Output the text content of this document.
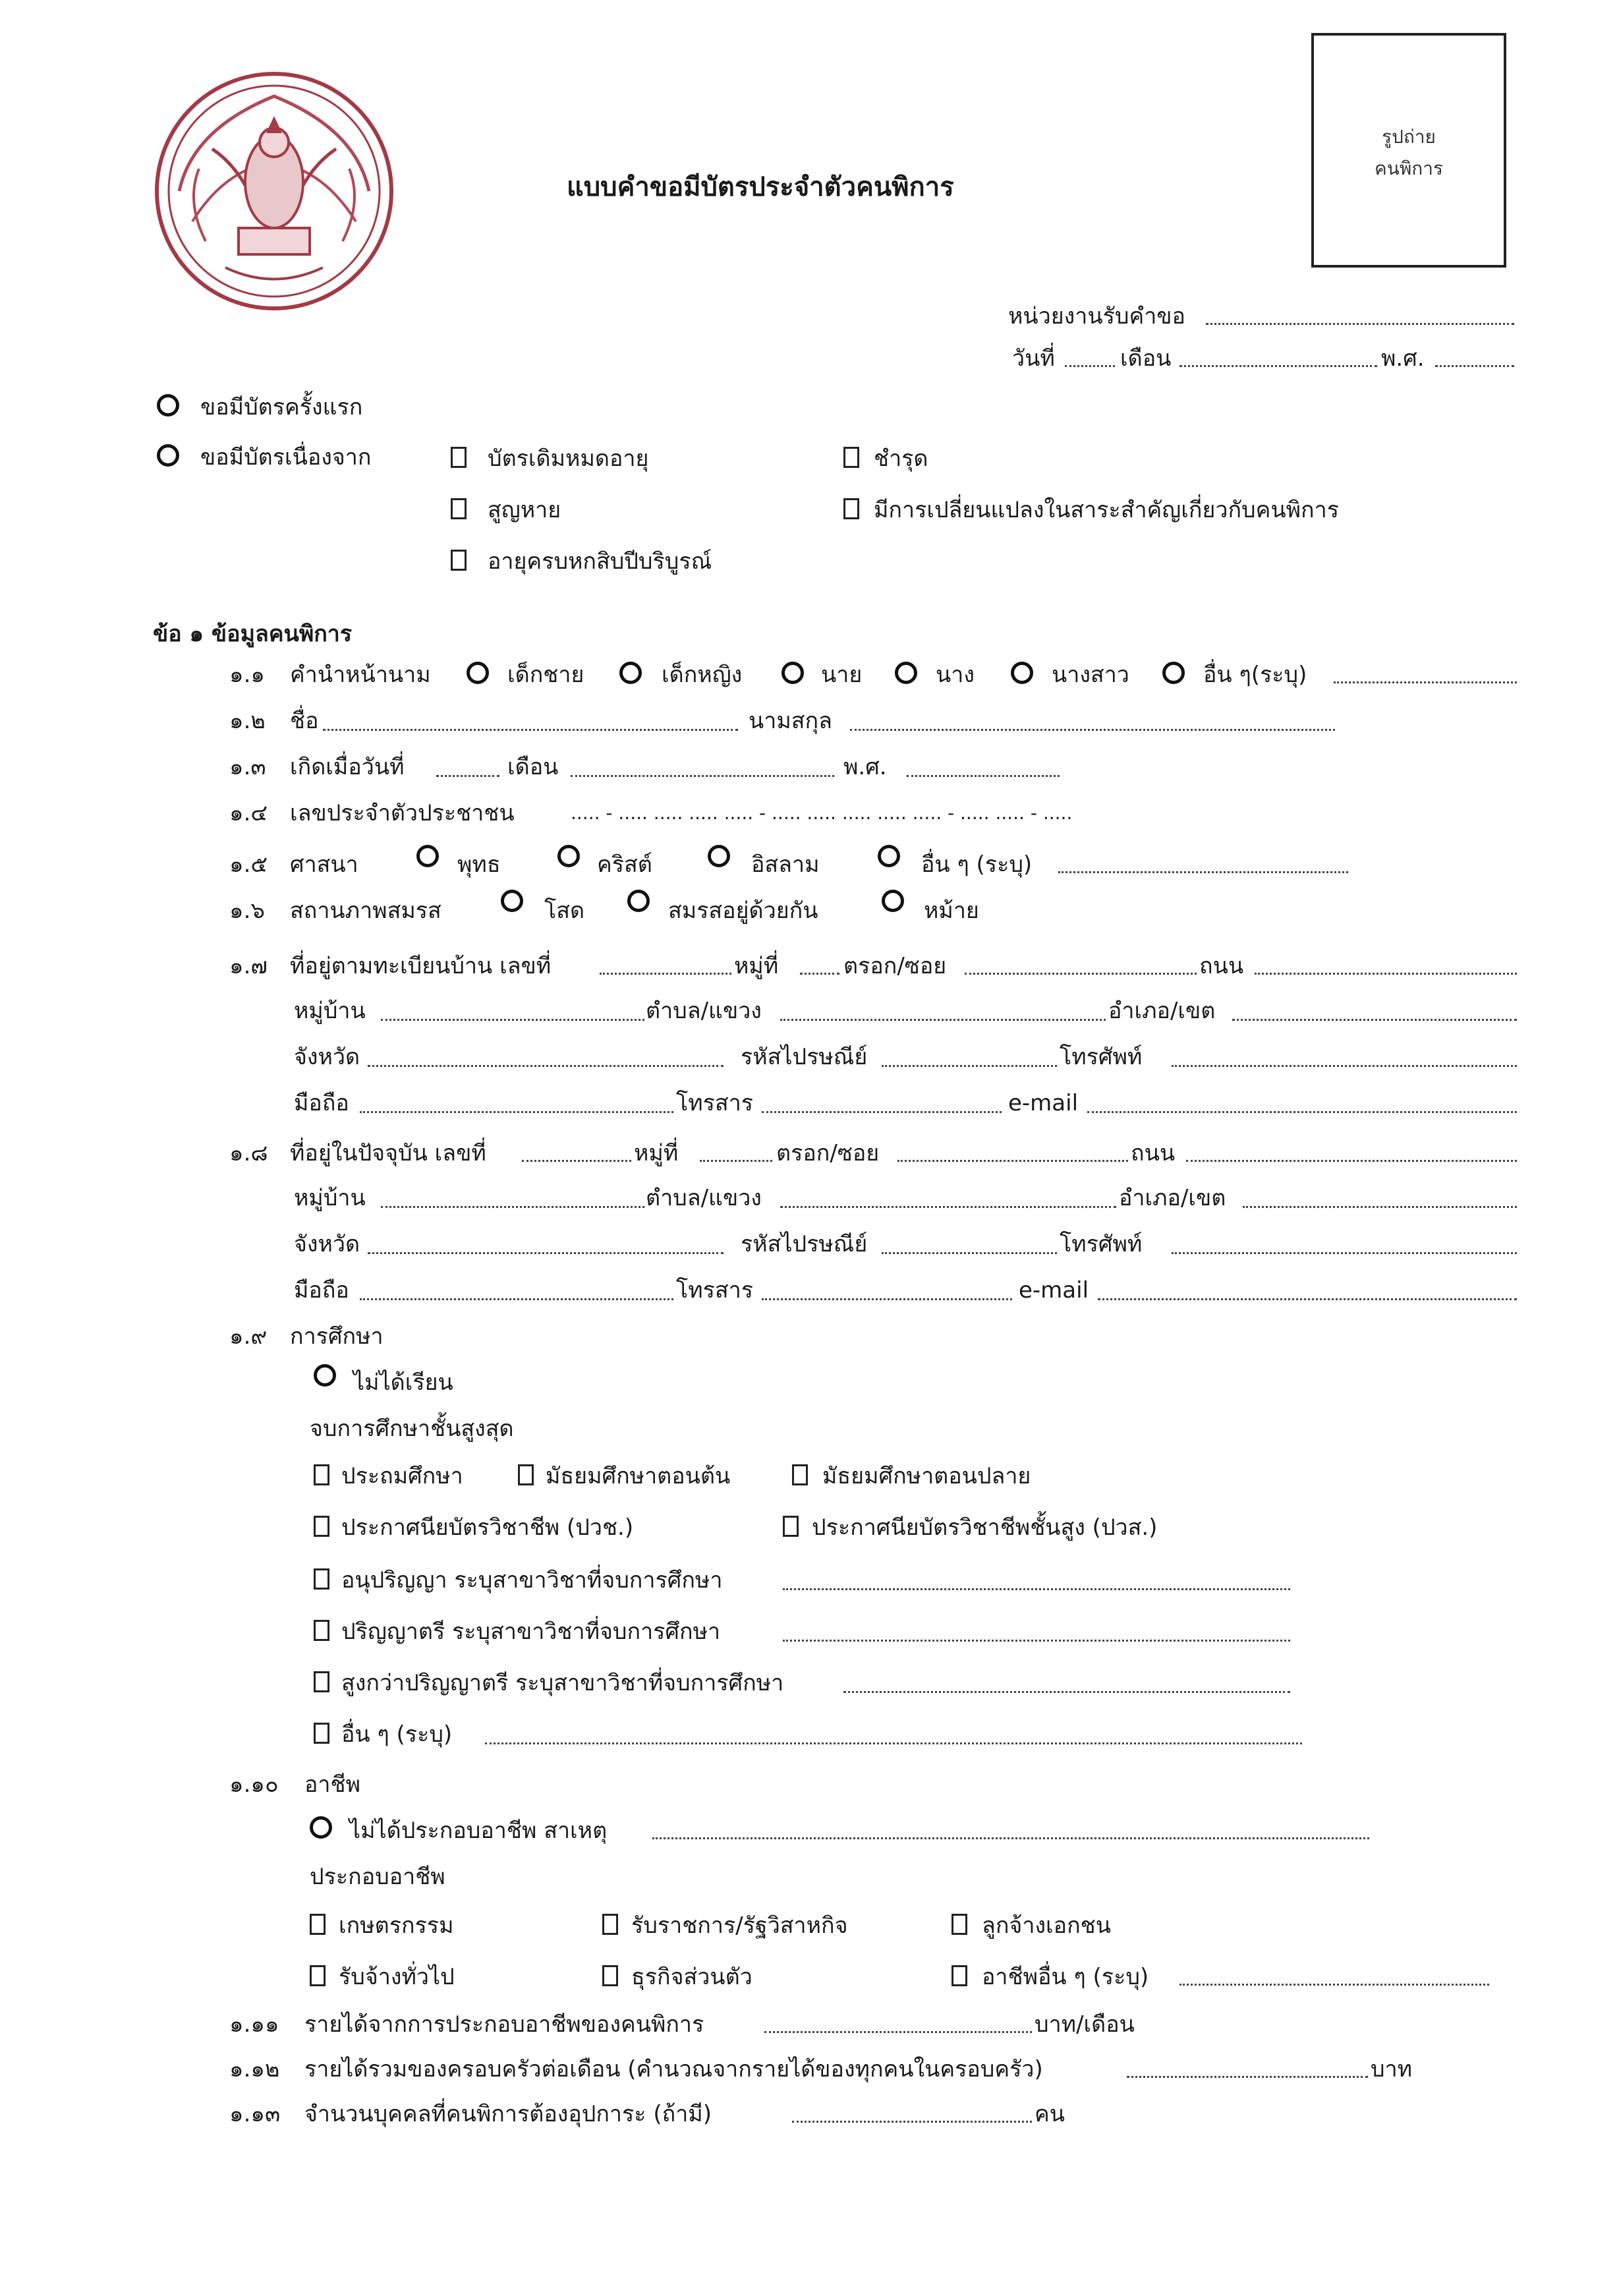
แบบคำขอมีบัตรประจำตัวคนพิการ
รูปถ่าย
คนพิการ
หน่วยงานรับคำขอ
วันที่	เดือน	พ.ศ.
ขอมีบัตรครั้งแรก
ขอมีบัตรเนื่องจาก	บัตรเดิมหมดอายุ	ชำรุด
สูญหาย	มีการเปลี่ยนแปลงในสาระสำคัญเกี่ยวกับคนพิการ
อายุครบหกสิบปีบริบูรณ์
ข้อ ๑ ข้อมูลคนพิการ
๑.๑ คำนำหน้านาม	เด็กชาย	เด็กหญิง	นาย	นาง	นางสาว	อื่น ๆ(ระบุ)
๑.๒ ชื่อ	นามสกุล
๑.๓ เกิดเมื่อวันที่	เดือน	พ.ศ.
๑.๔ เลขประจำตัวประชาชน	..... - ..... ..... ..... ..... - ..... ..... ..... ..... ..... - ..... ..... - .....
๑.๕ ศาสนา	พุทธ	คริสต์	อิสลาม	อื่น ๆ (ระบุ)
๑.๖ สถานภาพสมรส	โสด	สมรสอยู่ด้วยกัน	หม้าย
๑.๗ ที่อยู่ตามทะเบียนบ้าน เลขที่	หมู่ที่	ตรอก/ซอย	ถนน
หมู่บ้าน	ตำบล/แขวง	อำเภอ/เขต
จังหวัด	รหัสไปรษณีย์	โทรศัพท์
มือถือ	โทรสาร	e-mail
๑.๘ ที่อยู่ในปัจจุบัน เลขที่	หมู่ที่	ตรอก/ซอย	ถนน
หมู่บ้าน	ตำบล/แขวง	อำเภอ/เขต
จังหวัด	รหัสไปรษณีย์	โทรศัพท์
มือถือ	โทรสาร	e-mail
๑.๙ การศึกษา
ไม่ได้เรียน
จบการศึกษาชั้นสูงสุด
ประถมศึกษา	มัธยมศึกษาตอนต้น	มัธยมศึกษาตอนปลาย
ประกาศนียบัตรวิชาชีพ (ปวช.)	ประกาศนียบัตรวิชาชีพชั้นสูง (ปวส.)
อนุปริญญา ระบุสาขาวิชาที่จบการศึกษา
ปริญญาตรี ระบุสาขาวิชาที่จบการศึกษา
สูงกว่าปริญญาตรี ระบุสาขาวิชาที่จบการศึกษา
อื่น ๆ (ระบุ)
๑.๑๐ อาชีพ
ไม่ได้ประกอบอาชีพ สาเหตุ
ประกอบอาชีพ
เกษตรกรรม	รับราชการ/รัฐวิสาหกิจ	ลูกจ้างเอกชน
รับจ้างทั่วไป	ธุรกิจส่วนตัว	อาชีพอื่น ๆ (ระบุ)
๑.๑๑ รายได้จากการประกอบอาชีพของคนพิการ	บาท/เดือน
๑.๑๒ รายได้รวมของครอบครัวต่อเดือน (คำนวณจากรายได้ของทุกคนในครอบครัว)	บาท
๑.๑๓ จำนวนบุคคลที่คนพิการต้องอุปการะ (ถ้ามี)	คน
